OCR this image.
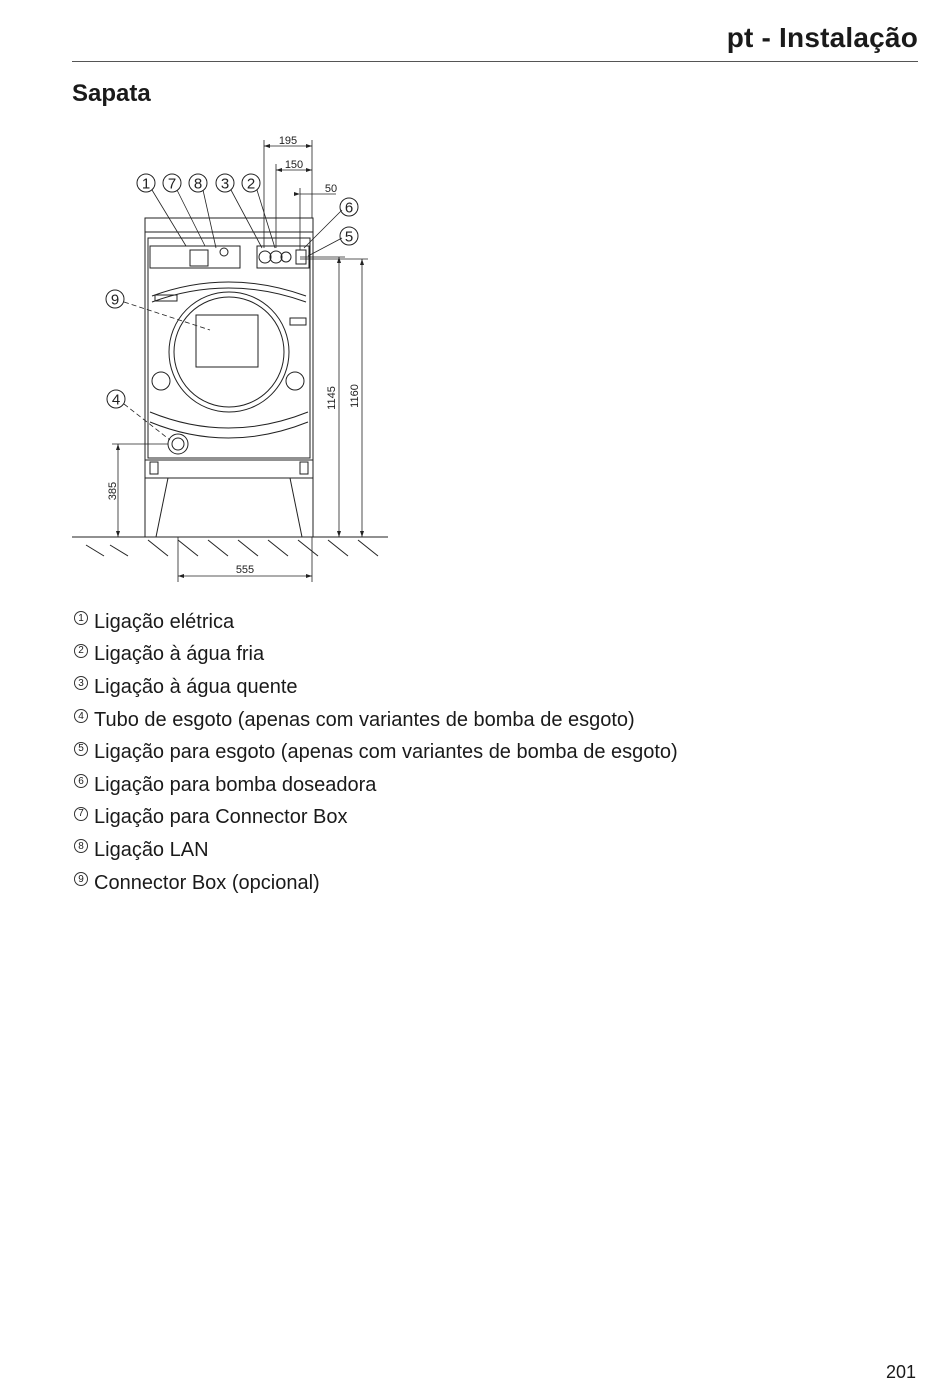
pt - Instalação
Sapata
195
150
50
1145 1160
385
555
1 7 8 3 2
6
5
9
4
1 Ligação elétrica
2 Ligação à água fria
3 Ligação à água quente
4 Tubo de esgoto (apenas com variantes de bomba de esgoto)
5 Ligação para esgoto (apenas com variantes de bomba de esgoto)
6 Ligação para bomba doseadora
7 Ligação para Connector Box
8 Ligação LAN
9 Connector Box (opcional)
201
